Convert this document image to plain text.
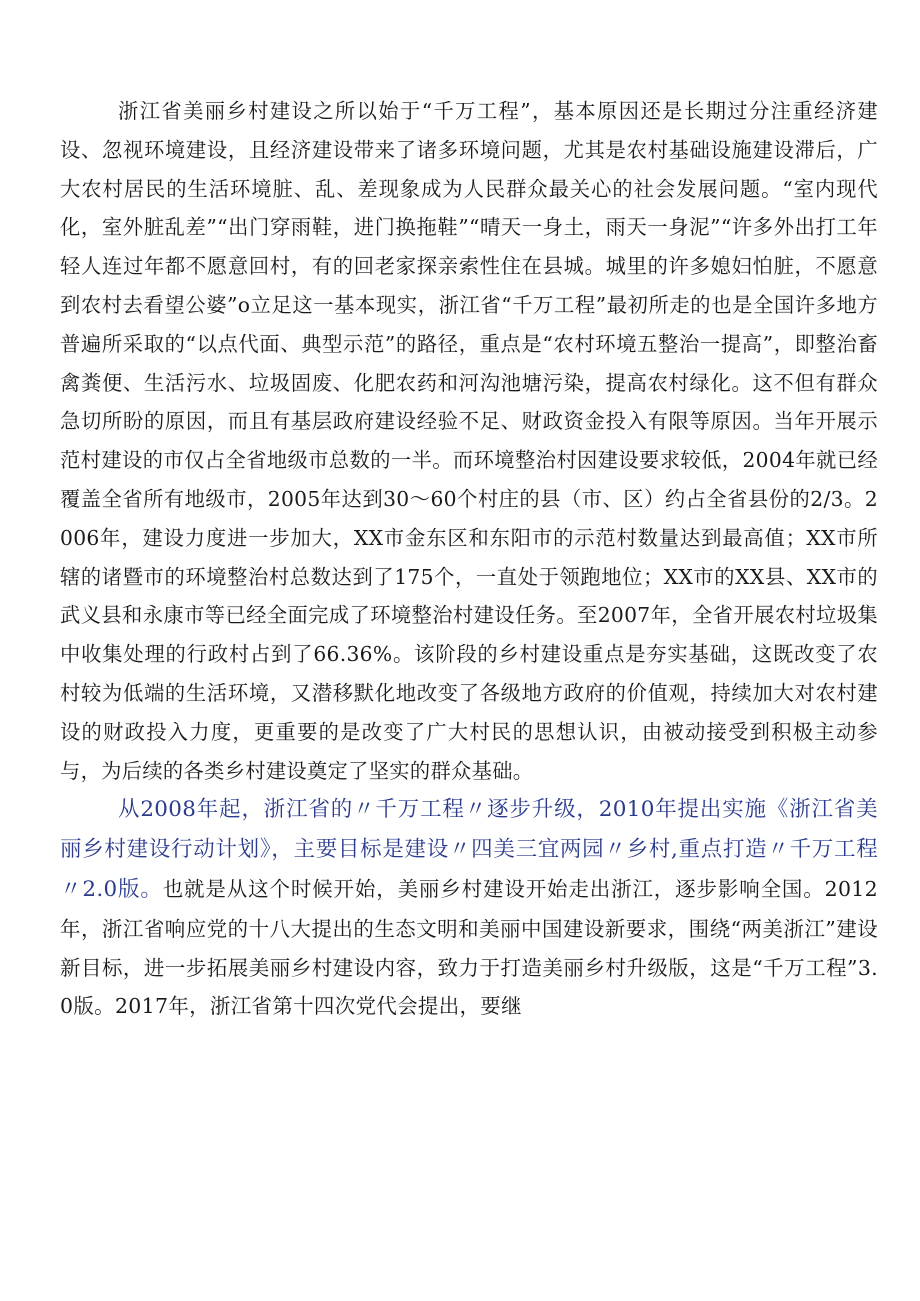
浙江省美丽乡村建设之所以始于“千万工程”，基本原因还是长期过分注重经济建设、忽视环境建设，且经济建设带来了诸多环境问题，尤其是农村基础设施建设滞后，广大农村居民的生活环境脏、乱、差现象成为人民群众最关心的社会发展问题。“室内现代化，室外脏乱差”“出门穿雨鞋，进门换拖鞋”“晴天一身土，雨天一身泥”“许多外出打工年轻人连过年都不愿意回村，有的回老家探亲索性住在县城。城里的许多媳妇怕脏，不愿意到农村去看望公婆”o立足这一基本现实，浙江省“千万工程”最初所走的也是全国许多地方普遍所采取的“以点代面、典型示范”的路径，重点是“农村环境五整治一提高”，即整治畜禽粪便、生活污水、垃圾固废、化肥农药和河沟池塘污染，提高农村绿化。这不但有群众急切所盼的原因，而且有基层政府建设经验不足、财政资金投入有限等原因。当年开展示范村建设的市仅占全省地级市总数的一半。而环境整治村因建设要求较低，2004年就已经覆盖全省所有地级市，2005年达到30～60个村庄的县（市、区）约占全省县份的2/3。2006年，建设力度进一步加大，XX市金东区和东阳市的示范村数量达到最高值；XX市所辖的诸暨市的环境整治村总数达到了175个，一直处于领跑地位；XX市的XX县、XX市的武义县和永康市等已经全面完成了环境整治村建设任务。至2007年，全省开展农村垃圾集中收集处理的行政村占到了66.36%。该阶段的乡村建设重点是夯实基础，这既改变了农村较为低端的生活环境，又潜移默化地改变了各级地方政府的价值观，持续加大对农村建设的财政投入力度，更重要的是改变了广大村民的思想认识，由被动接受到积极主动参与，为后续的各类乡村建设奠定了坚实的群众基础。

从2008年起，浙江省的〃千万工程〃逐步升级，2010年提出实施《浙江省美丽乡村建设行动计划》，主要目标是建设〃四美三宜两园〃乡村,重点打造〃千万工程〃2.0版。也就是从这个时候开始，美丽乡村建设开始走出浙江，逐步影响全国。2012年，浙江省响应党的十八大提出的生态文明和美丽中国建设新要求，围绕“两美浙江”建设新目标，进一步拓展美丽乡村建设内容，致力于打造美丽乡村升级版，这是“千万工程”3.0版。2017年，浙江省第十四次党代会提出，要继
